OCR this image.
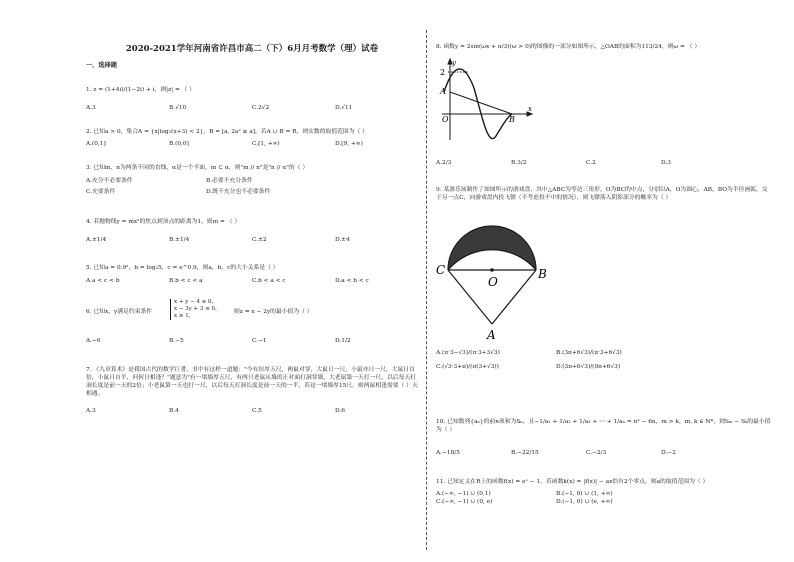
2020-2021学年河南省许昌市高二（下）6月月考数学（理）试卷
一、选择题
1. z = (1+4i)/(1−2i) + i，则|z| = （ ）
A.3	B.√10	C.2√2	D.√11
2. 已知a > 0，集合A = {x|log₂(x+3) < 2}，B = [a, 2a² ≥ a]，若A ∪ B = R，则实数的取值范围为（ ）
A.(0,1]	B.(0,0]	C.[1, +∞)	D.[9, +∞)
3. 已知m，n为两条不同的直线，α是一个平面，m ⊂ α，则"m // n"是"n // α"的（ ）
A.充分不必要条件	B.必要不充分条件
C.充要条件	D.既不充分也不必要条件
4. 若抛物线y = mx²的焦点到顶点的距离为1，则m = （ ）
A.±1/4	B.±1/4	C.±2	D.±4
5. 已知a = 0.9²，b = log₂5，c = e^0.9，则a，b，c的大小关系是（ ）
A.a < c < b	B.b < c < a	C.b < a < c	D.a < b < c
6. 已知x，y满足约束条件
x + y − 4 ≤ 0，
x − 3y + 3 ≤ 0，
x ≥ 1，
则z = x − 2y的最小值为（ ）
A.−6	B.−5	C.−1	D.1/2
7. 《九章算术》是我国古代的数学巨著，书中有这样一道题："今有垣厚五尺，两鼠对穿，大鼠日一尺，小鼠亦日一尺，大鼠日自倍，小鼠日自半，问何日相逢？"题意为"有一堵墙厚五尺，有两只老鼠从墙的正对面打洞穿墙，大老鼠第一天打一尺，以后每天打洞长度是前一天的2倍；小老鼠第一天也打一尺，以后每天打洞长度是前一天的一半，若这一堵墙厚15尺，则两鼠相逢需要（ ）天相遇。
A.3	B.4	C.5	D.6
8. 函数y = 2sin(ωx + π/3)(ω > 0)的图像的一部分如图所示，△OAB的面积为113/24，则ω = （ ）
y
2
A
O	B
x
A.2/3	B.3/2	C.2	D.3
9. 某游乐场制作了如图所示的游戏盘，其中△ABC为等边三角形，O为BC的中点，分别以A，O为圆心，AB，BO为半径画弧，交于另一点C，向游戏盘内投飞镖（不考虑投不中的情况），则飞镖落入阴影部分的概率为（ ）
C
O
B
A
A.(π·3−√3)/(π·3+3√3)	B.(3π+6√3)/(π·3+6√3)
C.(√3·3+π)/(π(3+√3))	D.(3π+6√3)/(9π+6√3)
10. 已知数列{aₙ}的前n项和为Sₙ，且−1/a₁ + 1/a₂ + 1/a₃ + ⋯ + 1/aₙ = n² − 6n，m > k，m, k ∈ N*，则Sₘ − Sₖ的最小值为（ ）
A.−18/5	B.−22/15	C.−2/3	D.−2
11. 已知定义在R上的函数f(x) = eˣ − 1，若函数k(x) = |f(x)| − ax恰有2个零点，则a的取值范围为（ ）
A.(−∞, −1) ∪ (0,1)	B.(−1, 0) ∪ (1, +∞)
C.(−∞, −1) ∪ (0, e)	D.(−1, 0) ∪ (e, +∞)
